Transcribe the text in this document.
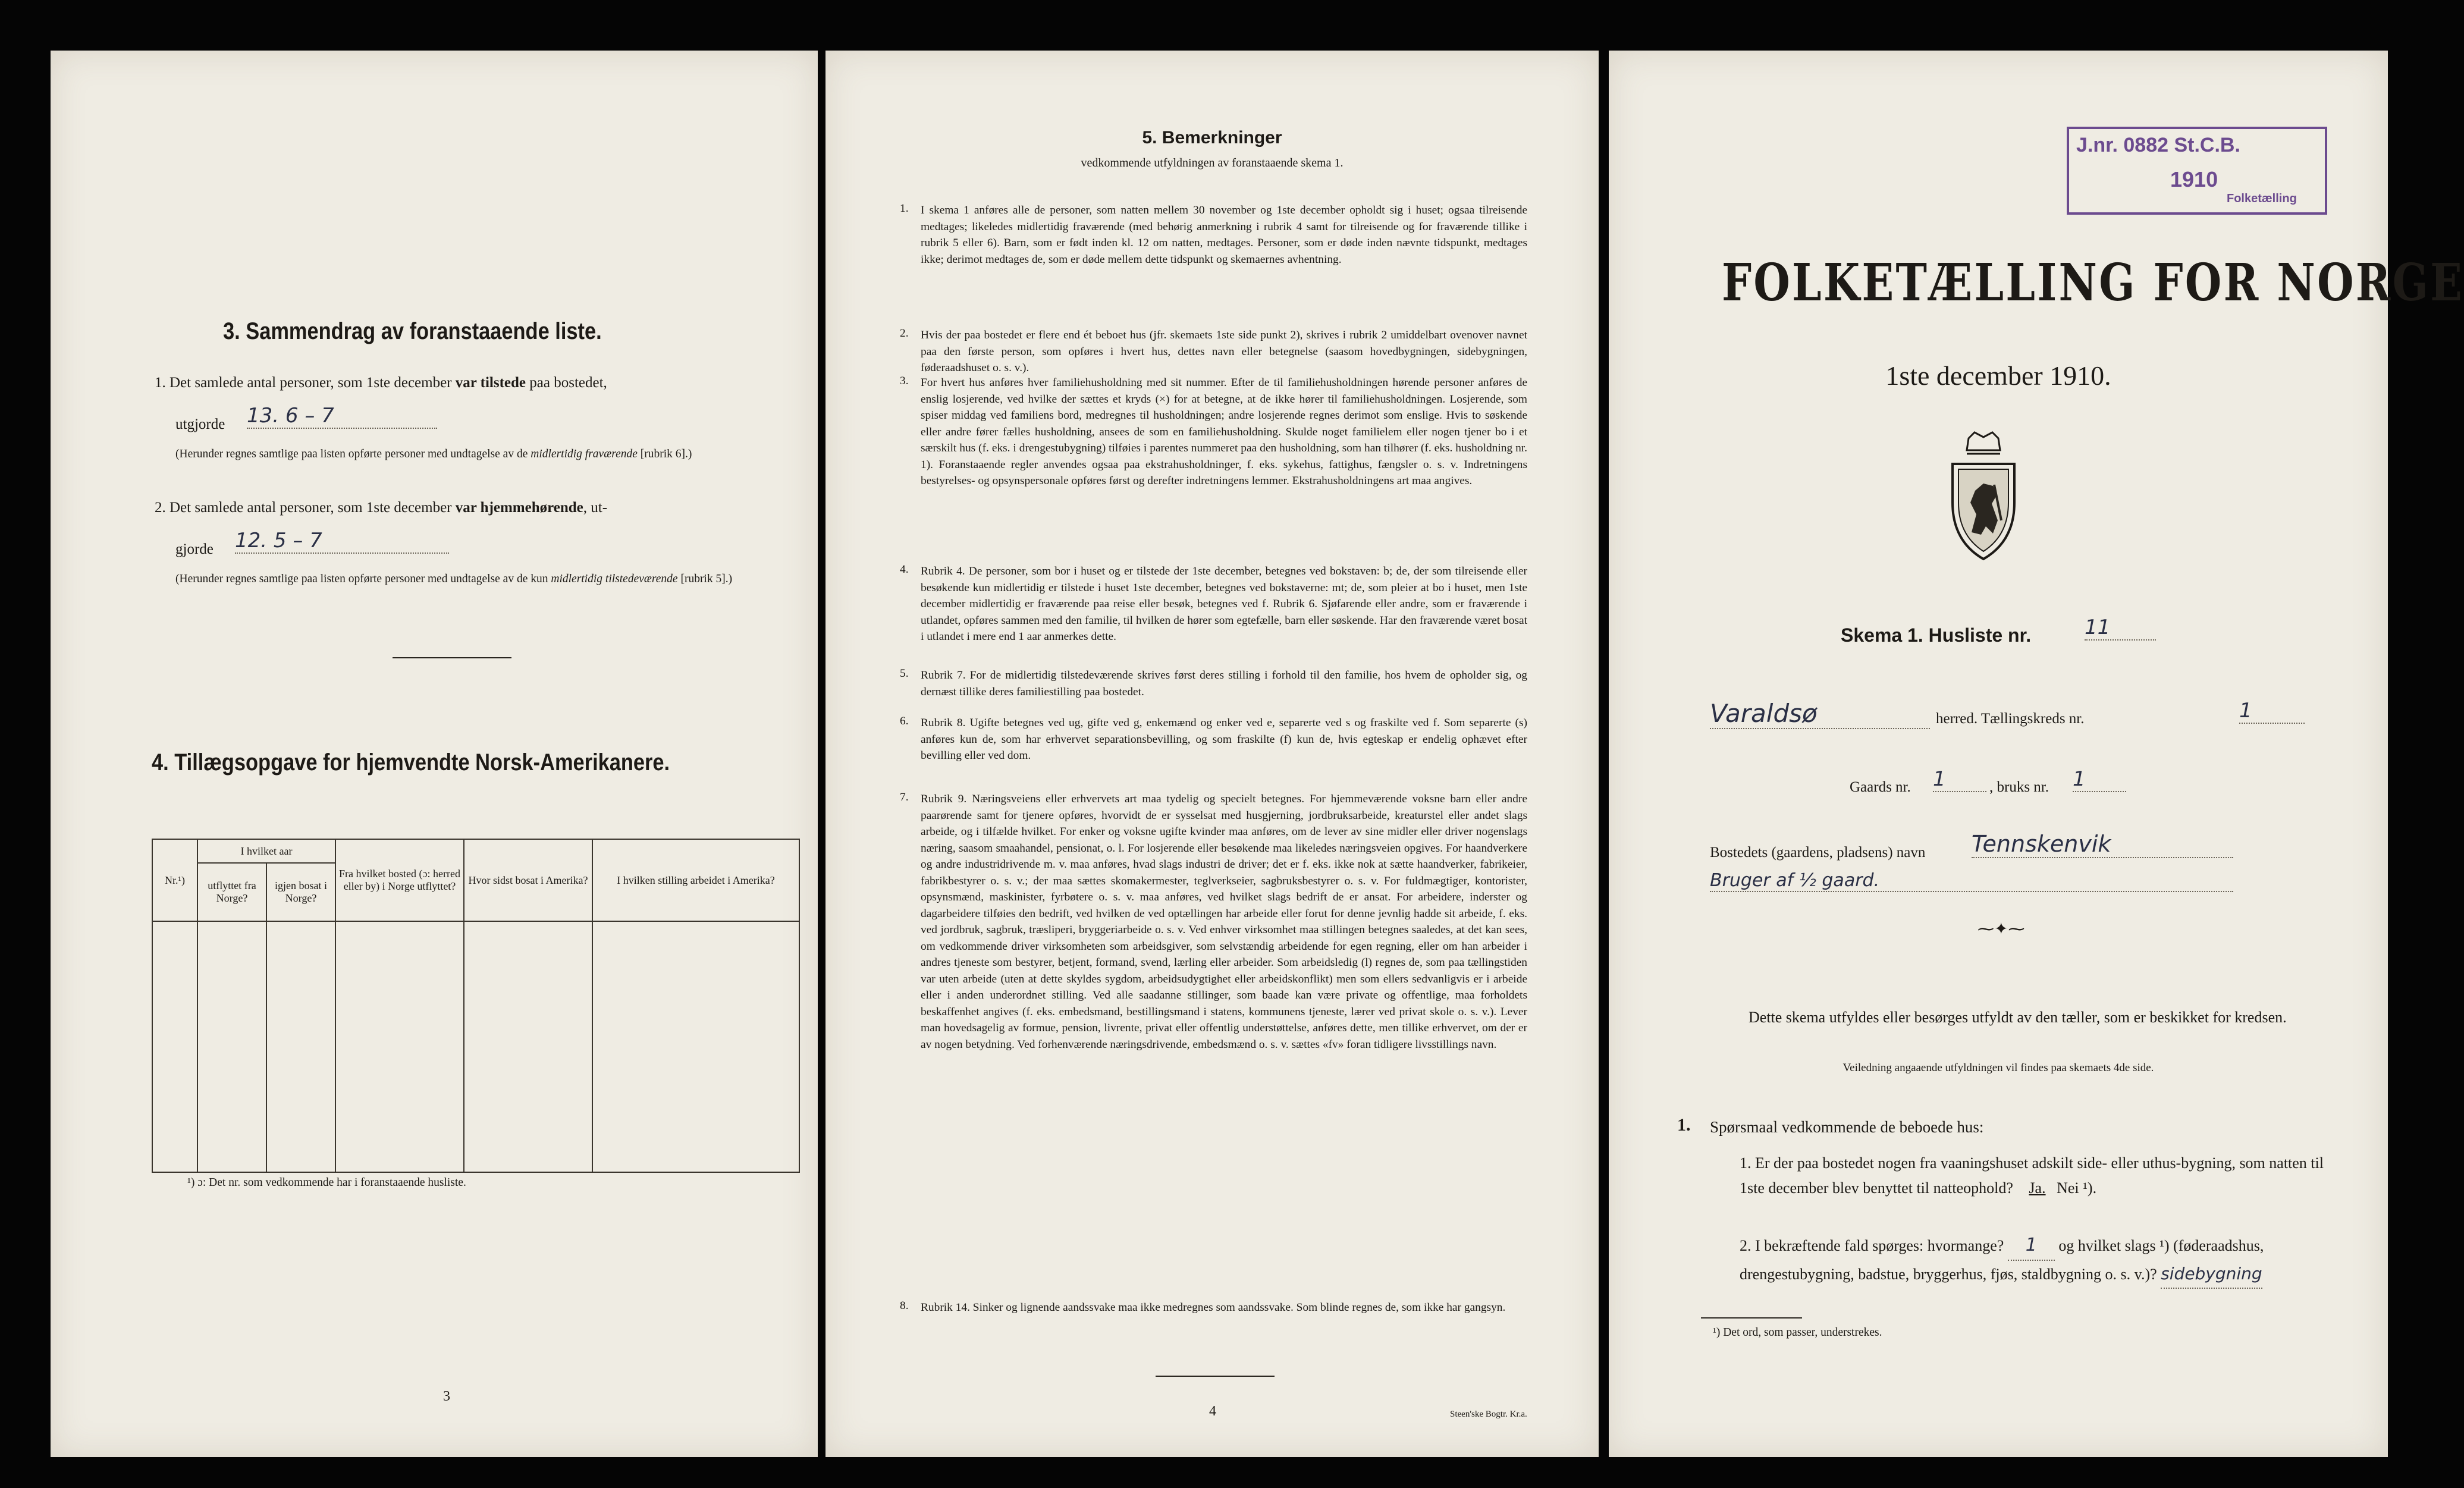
3. Sammendrag av foranstaaende liste.
1. Det samlede antal personer, som 1ste december var tilstede paa bostedet,
utgjorde 13. 6 – 7
(Herunder regnes samtlige paa listen opførte personer med undtagelse av de midlertidig fraværende [rubrik 6].)
2. Det samlede antal personer, som 1ste december var hjemmehørende, ut-
gjorde 12. 5 – 7
(Herunder regnes samtlige paa listen opførte personer med undtagelse av de kun midlertidig tilstedeværende [rubrik 5].)
4. Tillægsopgave for hjemvendte Norsk-Amerikanere.
Nr.¹)	I hvilket aar		Fra hvilket bosted (ɔ: herred eller by) i Norge utflyttet?	Hvor sidst bosat i Amerika?	I hvilken stilling arbeidet i Amerika?
	utflyttet fra Norge?	igjen bosat i Norge?			

¹) ɔ: Det nr. som vedkommende har i foranstaaende husliste.
3
5. Bemerkninger
vedkommende utfyldningen av foranstaaende skema 1.
1. I skema 1 anføres alle de personer, som natten mellem 30 november og 1ste december opholdt sig i huset; ogsaa tilreisende medtages; likeledes midlertidig fraværende (med behørig anmerkning i rubrik 4 samt for tilreisende og for fraværende tillike i rubrik 5 eller 6). Barn, som er født inden kl. 12 om natten, medtages. Personer, som er døde inden nævnte tidspunkt, medtages ikke; derimot medtages de, som er døde mellem dette tidspunkt og skemaernes avhentning.
2. Hvis der paa bostedet er flere end ét beboet hus (jfr. skemaets 1ste side punkt 2), skrives i rubrik 2 umiddelbart ovenover navnet paa den første person, som opføres i hvert hus, dettes navn eller betegnelse (saasom hovedbygningen, sidebygningen, føderaadshuset o. s. v.).
3. For hvert hus anføres hver familiehusholdning med sit nummer. Efter de til familiehusholdningen hørende personer anføres de enslig losjerende, ved hvilke der sættes et kryds (×) for at betegne, at de ikke hører til familiehusholdningen. Losjerende, som spiser middag ved familiens bord, medregnes til husholdningen; andre losjerende regnes derimot som enslige. Hvis to søskende eller andre fører fælles husholdning, ansees de som en familiehusholdning. Skulde noget familielem eller nogen tjener bo i et særskilt hus (f. eks. i drengestubygning) tilføies i parentes nummeret paa den husholdning, som han tilhører (f. eks. husholdning nr. 1). Foranstaaende regler anvendes ogsaa paa ekstrahusholdninger, f. eks. sykehus, fattighus, fængsler o. s. v. Indretningens bestyrelses- og opsynspersonale opføres først og derefter indretningens lemmer. Ekstrahusholdningens art maa angives.
4. Rubrik 4. De personer, som bor i huset og er tilstede der 1ste december, betegnes ved bokstaven: b; de, der som tilreisende eller besøkende kun midlertidig er tilstede i huset 1ste december, betegnes ved bokstaverne: mt; de, som pleier at bo i huset, men 1ste december midlertidig er fraværende paa reise eller besøk, betegnes ved f. Rubrik 6. Sjøfarende eller andre, som er fraværende i utlandet, opføres sammen med den familie, til hvilken de hører som egtefælle, barn eller søskende. Har den fraværende været bosat i utlandet i mere end 1 aar anmerkes dette.
5. Rubrik 7. For de midlertidig tilstedeværende skrives først deres stilling i forhold til den familie, hos hvem de opholder sig, og dernæst tillike deres familiestilling paa bostedet.
6. Rubrik 8. Ugifte betegnes ved ug, gifte ved g, enkemænd og enker ved e, separerte ved s og fraskilte ved f. Som separerte (s) anføres kun de, som har erhvervet separationsbevilling, og som fraskilte (f) kun de, hvis egteskap er endelig ophævet efter bevilling eller ved dom.
7. Rubrik 9. Næringsveiens eller erhvervets art maa tydelig og specielt betegnes. For hjemmeværende voksne barn eller andre paarørende samt for tjenere opføres, hvorvidt de er sysselsat med husgjerning, jordbruksarbeide, kreaturstel eller andet slags arbeide, og i tilfælde hvilket. For enker og voksne ugifte kvinder maa anføres, om de lever av sine midler eller driver nogenslags næring, saasom smaahandel, pensionat, o. l. For losjerende eller besøkende maa likeledes næringsveien opgives. For haandverkere og andre industridrivende m. v. maa anføres, hvad slags industri de driver; det er f. eks. ikke nok at sætte haandverker, fabrikeier, fabrikbestyrer o. s. v.; der maa sættes skomakermester, teglverkseier, sagbruksbestyrer o. s. v. For fuldmægtiger, kontorister, opsynsmænd, maskinister, fyrbøtere o. s. v. maa anføres, ved hvilket slags bedrift de er ansat. For arbeidere, inderster og dagarbeidere tilføies den bedrift, ved hvilken de ved optællingen har arbeide eller forut for denne jevnlig hadde sit arbeide, f. eks. ved jordbruk, sagbruk, træsliperi, bryggeriarbeide o. s. v. Ved enhver virksomhet maa stillingen betegnes saaledes, at det kan sees, om vedkommende driver virksomheten som arbeidsgiver, som selvstændig arbeidende for egen regning, eller om han arbeider i andres tjeneste som bestyrer, betjent, formand, svend, lærling eller arbeider. Som arbeidsledig (l) regnes de, som paa tællingstiden var uten arbeide (uten at dette skyldes sygdom, arbeidsudygtighet eller arbeidskonflikt) men som ellers sedvanligvis er i arbeide eller i anden underordnet stilling. Ved alle saadanne stillinger, som baade kan være private og offentlige, maa forholdets beskaffenhet angives (f. eks. embedsmand, bestillingsmand i statens, kommunens tjeneste, lærer ved privat skole o. s. v.). Lever man hovedsagelig av formue, pension, livrente, privat eller offentlig understøttelse, anføres dette, men tillike erhvervet, om der er av nogen betydning. Ved forhenværende næringsdrivende, embedsmænd o. s. v. sættes «fv» foran tidligere livsstillings navn.
8. Rubrik 14. Sinker og lignende aandssvake maa ikke medregnes som aandssvake. Som blinde regnes de, som ikke har gangsyn.
4	Steen'ske Bogtr. Kr.a.
J.nr. 0882 St.C.B.
1910
Folketælling
FOLKETÆLLING FOR NORGE
1ste december 1910.
Skema 1. Husliste nr.	11
Varaldsø	herred. Tællingskreds nr.	1
Gaards nr. 1	, bruks nr. 1
Bostedets (gaardens, pladsens) navn Tennskenvik
Bruger af ½ gaard.
⁓✦⁓
Dette skema utfyldes eller besørges utfyldt av den tæller, som er beskikket for kredsen.
Veiledning angaaende utfyldningen vil findes paa skemaets 4de side.
1. Spørsmaal vedkommende de beboede hus:
1. Er der paa bostedet nogen fra vaaningshuset adskilt side- eller uthus-bygning, som natten til 1ste december blev benyttet til natteophold? Ja. Nei ¹).
2. I bekræftende fald spørges: hvormange? 1 og hvilket slags ¹) (føderaadshus, drengestubygning, badstue, bryggerhus, fjøs, staldbygning o. s. v.)? sidebygning
¹) Det ord, som passer, understrekes.
